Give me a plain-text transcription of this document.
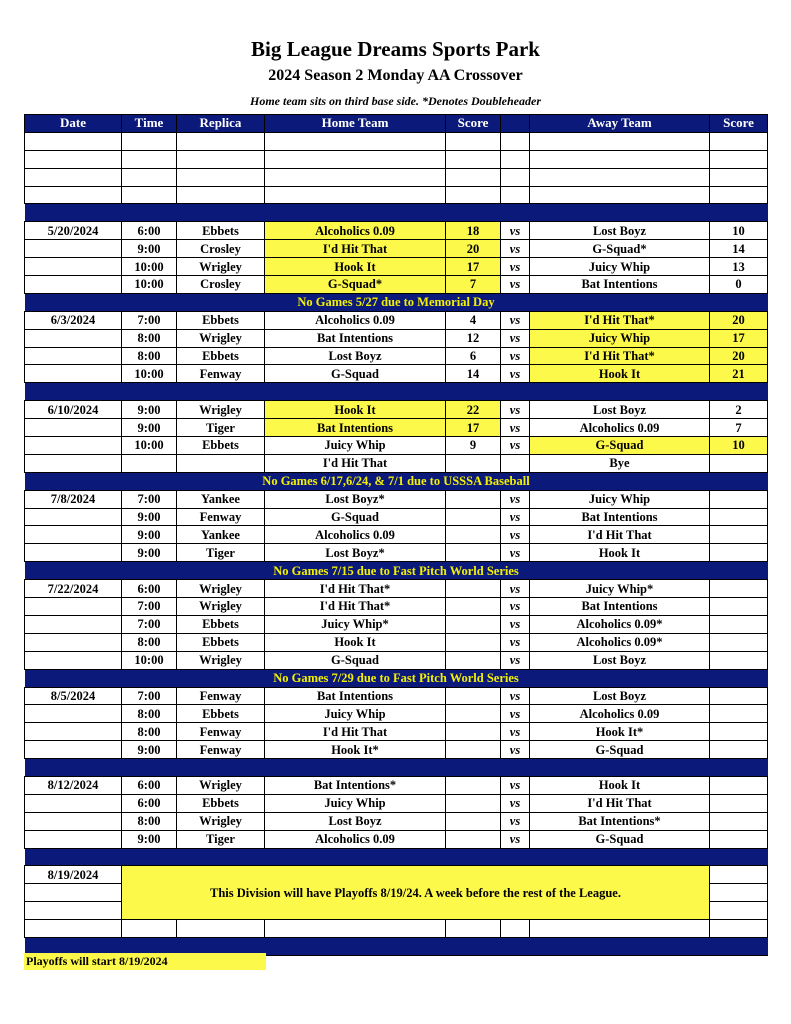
Big League Dreams Sports Park
2024 Season 2 Monday AA Crossover
Home team sits on third base side. *Denotes Doubleheader
Date	Time	Replica	Home Team	Score		Away Team	Score

5/20/2024	6:00	Ebbets	Alcoholics 0.09	18	vs	Lost Boyz	10
	9:00	Crosley	I'd Hit That	20	vs	G-Squad*	14
	10:00	Wrigley	Hook It	17	vs	Juicy Whip	13
	10:00	Crosley	G-Squad*	7	vs	Bat Intentions	0
No Games 5/27 due to Memorial Day							
6/3/2024	7:00	Ebbets	Alcoholics 0.09	4	vs	I'd Hit That*	20
	8:00	Wrigley	Bat Intentions	12	vs	Juicy Whip	17
	8:00	Ebbets	Lost Boyz	6	vs	I'd Hit That*	20
	10:00	Fenway	G-Squad	14	vs	Hook It	21

6/10/2024	9:00	Wrigley	Hook It	22	vs	Lost Boyz	2
	9:00	Tiger	Bat Intentions	17	vs	Alcoholics 0.09	7
	10:00	Ebbets	Juicy Whip	9	vs	G-Squad	10
			I'd Hit That			Bye	
No Games 6/17,6/24, & 7/1 due to USSSA Baseball							
7/8/2024	7:00	Yankee	Lost Boyz*		vs	Juicy Whip	
	9:00	Fenway	G-Squad		vs	Bat Intentions	
	9:00	Yankee	Alcoholics 0.09		vs	I'd Hit That	
	9:00	Tiger	Lost Boyz*		vs	Hook It	
No Games 7/15 due to Fast Pitch World Series							
7/22/2024	6:00	Wrigley	I'd Hit That*		vs	Juicy Whip*	
	7:00	Wrigley	I'd Hit That*		vs	Bat Intentions	
	7:00	Ebbets	Juicy Whip*		vs	Alcoholics 0.09*	
	8:00	Ebbets	Hook It		vs	Alcoholics 0.09*	
	10:00	Wrigley	G-Squad		vs	Lost Boyz	
No Games 7/29 due to Fast Pitch World Series							
8/5/2024	7:00	Fenway	Bat Intentions		vs	Lost Boyz	
	8:00	Ebbets	Juicy Whip		vs	Alcoholics 0.09	
	8:00	Fenway	I'd Hit That		vs	Hook It*	
	9:00	Fenway	Hook It*		vs	G-Squad	

8/12/2024	6:00	Wrigley	Bat Intentions*		vs	Hook It	
	6:00	Ebbets	Juicy Whip		vs	I'd Hit That	
	8:00	Wrigley	Lost Boyz		vs	Bat Intentions*	
	9:00	Tiger	Alcoholics 0.09		vs	G-Squad	

8/19/2024	This Division will have Playoffs 8/19/24. A week before the rest of the League.						

Playoffs will start 8/19/2024
